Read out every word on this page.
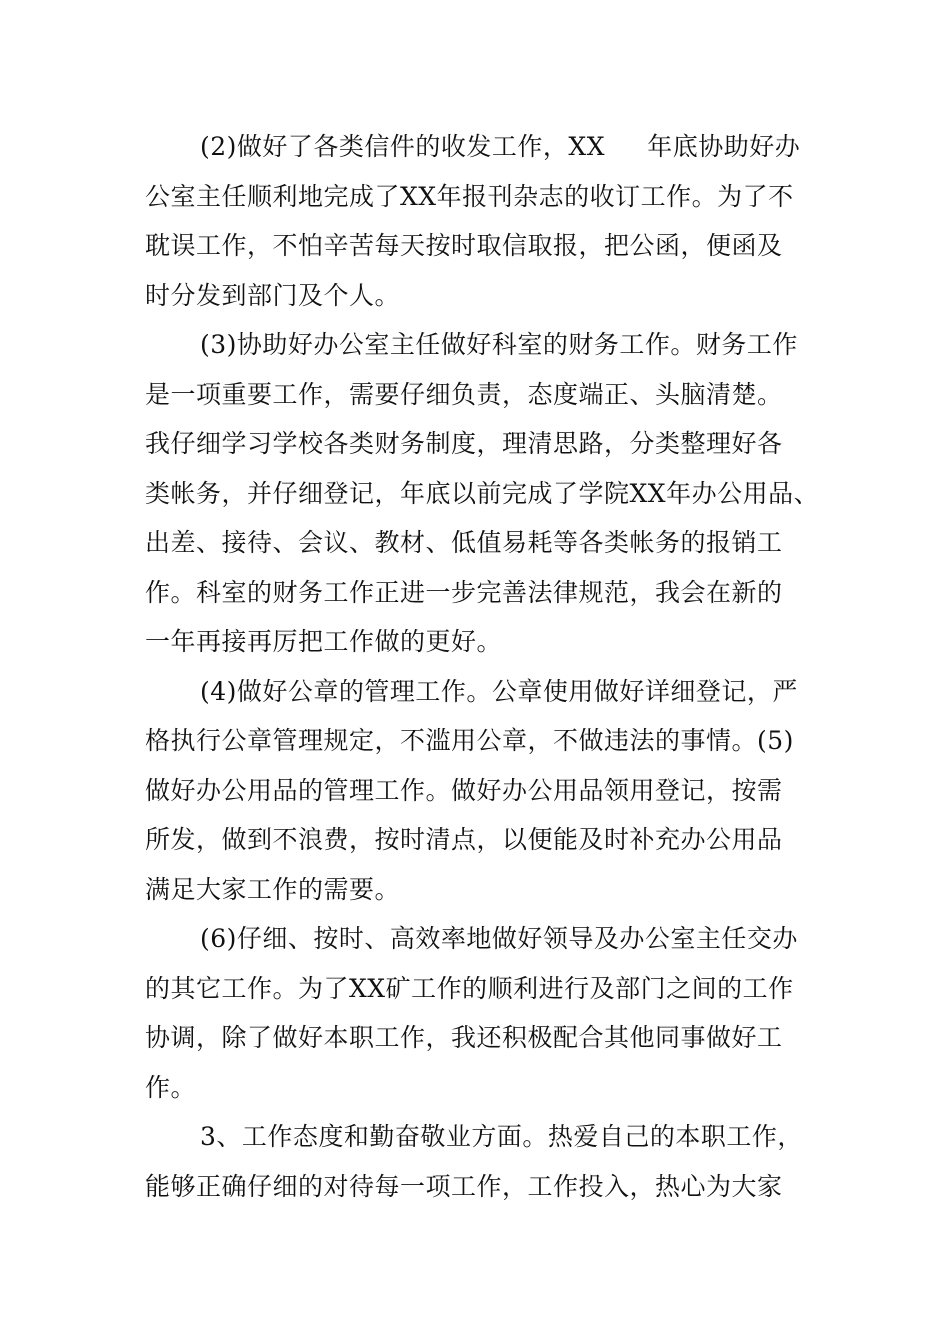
(2)做好了各类信件的收发工作，XX     年底协助好办
公室主任顺利地完成了XX年报刊杂志的收订工作。为了不
耽误工作，不怕辛苦每天按时取信取报，把公函，便函及
时分发到部门及个人。
(3)协助好办公室主任做好科室的财务工作。财务工作
是一项重要工作，需要仔细负责，态度端正、头脑清楚。
我仔细学习学校各类财务制度，理清思路，分类整理好各
类帐务，并仔细登记，年底以前完成了学院XX年办公用品、
出差、接待、会议、教材、低值易耗等各类帐务的报销工
作。科室的财务工作正进一步完善法律规范，我会在新的
一年再接再厉把工作做的更好。
(4)做好公章的管理工作。公章使用做好详细登记，严
格执行公章管理规定，不滥用公章，不做违法的事情。(5)
做好办公用品的管理工作。做好办公用品领用登记，按需
所发，做到不浪费，按时清点，以便能及时补充办公用品
满足大家工作的需要。
(6)仔细、按时、高效率地做好领导及办公室主任交办
的其它工作。为了XX矿工作的顺利进行及部门之间的工作
协调，除了做好本职工作，我还积极配合其他同事做好工
作。
3、工作态度和勤奋敬业方面。热爱自己的本职工作，
能够正确仔细的对待每一项工作，工作投入，热心为大家
